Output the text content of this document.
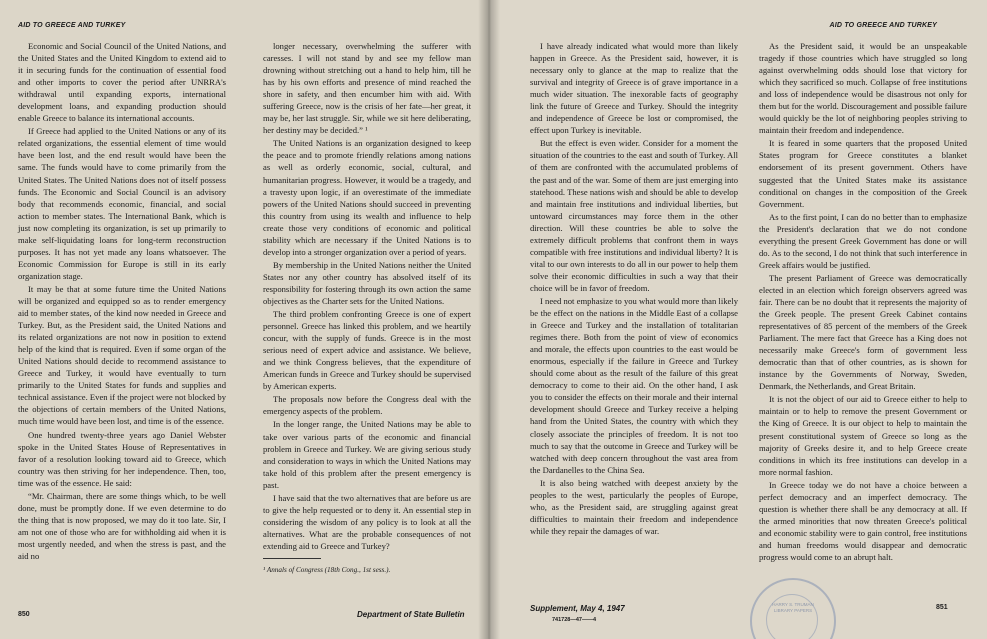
AID TO GREECE AND TURKEY

Economic and Social Council of the United Nations, and the United States and the United Kingdom to extend aid to it in securing funds for the continuation of essential food and other imports to cover the period after UNRRA's withdrawal until expanding exports, international development loans, and expanding production should enable Greece to balance its international accounts.

If Greece had applied to the United Nations or any of its related organizations, the essential element of time would have been lost, and the end result would have been the same. The funds would have to come primarily from the United States. The United Nations does not of itself possess funds. The Economic and Social Council is an advisory body that recommends economic, financial, and social action to member states. The International Bank, which is just now completing its organization, is set up primarily to make self-liquidating loans for long-term reconstruction purposes. It has not yet made any loans whatsoever. The Economic Commission for Europe is still in its early organization stage.

It may be that at some future time the United Nations will be organized and equipped so as to render emergency aid to member states, of the kind now needed in Greece and Turkey. But, as the President said, the United Nations and its related organizations are not now in position to extend help of the kind that is required. Even if some organ of the United Nations should decide to recommend assistance to Greece and Turkey, it would have eventually to turn primarily to the United States for funds and supplies and technical assistance. Even if the project were not blocked by the objections of certain members of the United Nations, much time would have been lost, and time is of the essence.

One hundred twenty-three years ago Daniel Webster spoke in the United States House of Representatives in favor of a resolution looking toward aid to Greece, which country was then striving for her independence. Then, too, time was of the essence. He said:

“Mr. Chairman, there are some things which, to be well done, must be promptly done. If we even determine to do the thing that is now proposed, we may do it too late. Sir, I am not one of those who are for withholding aid when it is most urgently needed, and when the stress is past, and the aid no

longer necessary, overwhelming the sufferer with caresses. I will not stand by and see my fellow man drowning without stretching out a hand to help him, till he has by his own efforts and presence of mind reached the shore in safety, and then encumber him with aid. With suffering Greece, now is the crisis of her fate—her great, it may be, her last struggle. Sir, while we sit here deliberating, her destiny may be decided.” ¹

The United Nations is an organization designed to keep the peace and to promote friendly relations among nations as well as orderly economic, social, cultural, and humanitarian progress. However, it would be a tragedy, and a travesty upon logic, if an overestimate of the immediate powers of the United Nations should succeed in preventing this country from using its wealth and influence to help create those very conditions of economic and political stability which are necessary if the United Nations is to develop into a stronger organization over a period of years.

By membership in the United Nations neither the United States nor any other country has absolved itself of its responsibility for fostering through its own action the same objectives as the Charter sets for the United Nations.

The third problem confronting Greece is one of expert personnel. Greece has linked this problem, and we heartily concur, with the supply of funds. Greece is in the most serious need of expert advice and assistance. We believe, and we think Congress believes, that the expenditure of American funds in Greece and Turkey should be supervised by American experts.

The proposals now before the Congress deal with the emergency aspects of the problem.

In the longer range, the United Nations may be able to take over various parts of the economic and financial problem in Greece and Turkey. We are giving serious study and consideration to ways in which the United Nations may take hold of this problem after the present emergency is past.

I have said that the two alternatives that are before us are to give the help requested or to deny it. An essential step in considering the wisdom of any policy is to look at all the alternatives. What are the probable consequences of not extending aid to Greece and Turkey?

¹ Annals of Congress (18th Cong., 1st sess.).
850	Department of State Bulletin
AID TO GREECE AND TURKEY

I have already indicated what would more than likely happen in Greece. As the President said, however, it is necessary only to glance at the map to realize that the survival and integrity of Greece is of grave importance in a much wider situation. The inexorable facts of geography link the future of Greece and Turkey. Should the integrity and independence of Greece be lost or compromised, the effect upon Turkey is inevitable.

But the effect is even wider. Consider for a moment the situation of the countries to the east and south of Turkey. All of them are confronted with the accumulated problems of the past and of the war. Some of them are just emerging into statehood. These nations wish and should be able to develop and maintain free institutions and individual liberties, but untoward circumstances may force them in the other direction. Will these countries be able to solve the extremely difficult problems that confront them in ways compatible with free institutions and individual liberty? It is vital to our own interests to do all in our power to help them solve their economic difficulties in such a way that their choice will be in favor of freedom.

I need not emphasize to you what would more than likely be the effect on the nations in the Middle East of a collapse in Greece and Turkey and the installation of totalitarian regimes there. Both from the point of view of economics and morale, the effects upon countries to the east would be enormous, especially if the failure in Greece and Turkey should come about as the result of the failure of this great democracy to come to their aid. On the other hand, I ask you to consider the effects on their morale and their internal development should Greece and Turkey receive a helping hand from the United States, the country with which they closely associate the principles of freedom. It is not too much to say that the outcome in Greece and Turkey will be watched with deep concern throughout the vast area from the Dardanelles to the China Sea.

It is also being watched with deepest anxiety by the peoples to the west, particularly the peoples of Europe, who, as the President said, are struggling against great difficulties to maintain their freedom and independence while they repair the damages of war.

As the President said, it would be an unspeakable tragedy if those countries which have struggled so long against overwhelming odds should lose that victory for which they sacrificed so much. Collapse of free institutions and loss of independence would be disastrous not only for them but for the world. Discouragement and possible failure would quickly be the lot of neighboring peoples striving to maintain their freedom and independence.

It is feared in some quarters that the proposed United States program for Greece constitutes a blanket endorsement of its present government. Others have suggested that the United States make its assistance conditional on changes in the composition of the Greek Government.

As to the first point, I can do no better than to emphasize the President's declaration that we do not condone everything the present Greek Government has done or will do. As to the second, I do not think that such interference in Greek affairs would be justified.

The present Parliament of Greece was democratically elected in an election which foreign observers agreed was fair. There can be no doubt that it represents the majority of the Greek people. The present Greek Cabinet contains representatives of 85 percent of the members of the Greek Parliament. The mere fact that Greece has a King does not necessarily make Greece's form of government less democratic than that of other countries, as is shown for instance by the Governments of Norway, Sweden, Denmark, the Netherlands, and Great Britain.

It is not the object of our aid to Greece either to help to maintain or to help to remove the present Government or the King of Greece. It is our object to help to maintain the present constitutional system of Greece so long as the majority of Greeks desire it, and to help Greece create conditions in which its free institutions can develop in a more normal fashion.

In Greece today we do not have a choice between a perfect democracy and an imperfect democracy. The question is whether there shall be any democracy at all. If the armed minorities that now threaten Greece's political and economic stability were to gain control, free institutions and human freedoms would disappear and democratic progress would come to an abrupt halt.

Supplement, May 4, 1947
741728—47——4
851
HARRY S. TRUMAN LIBRARY PAPERS
